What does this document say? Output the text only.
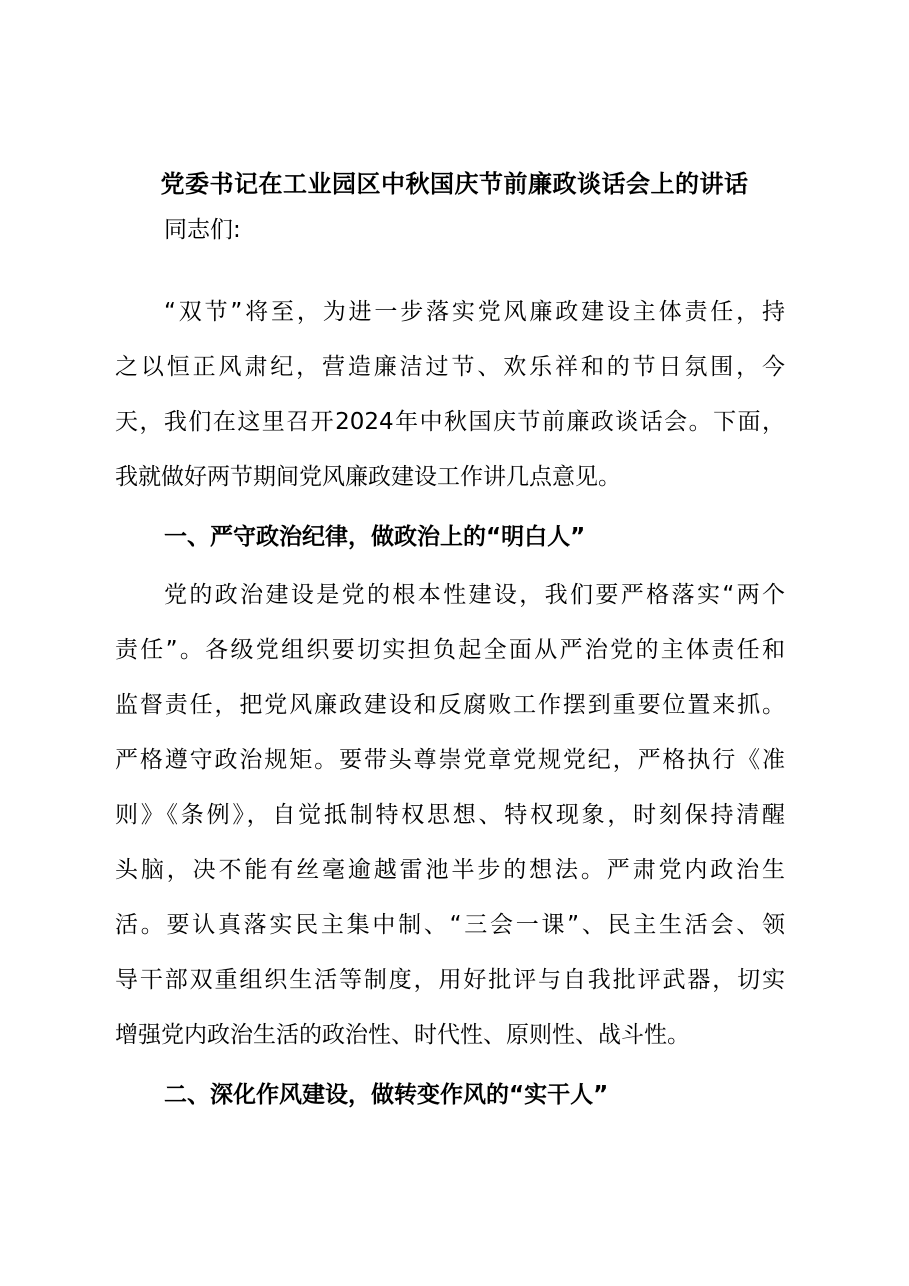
党委书记在工业园区中秋国庆节前廉政谈话会上的讲话
同志们:
“双节”将至，为进一步落实党风廉政建设主体责任，持
之以恒正风肃纪，营造廉洁过节、欢乐祥和的节日氛围，今
天，我们在这里召开2024年中秋国庆节前廉政谈话会。下面，
我就做好两节期间党风廉政建设工作讲几点意见。
一、严守政治纪律，做政治上的“明白人”
党的政治建设是党的根本性建设，我们要严格落实“两个
责任”。各级党组织要切实担负起全面从严治党的主体责任和
监督责任，把党风廉政建设和反腐败工作摆到重要位置来抓。
严格遵守政治规矩。要带头尊崇党章党规党纪，严格执行《准
则》《条例》，自觉抵制特权思想、特权现象，时刻保持清醒
头脑，决不能有丝毫逾越雷池半步的想法。严肃党内政治生
活。要认真落实民主集中制、“三会一课”、民主生活会、领
导干部双重组织生活等制度，用好批评与自我批评武器，切实
增强党内政治生活的政治性、时代性、原则性、战斗性。
二、深化作风建设，做转变作风的“实干人”
